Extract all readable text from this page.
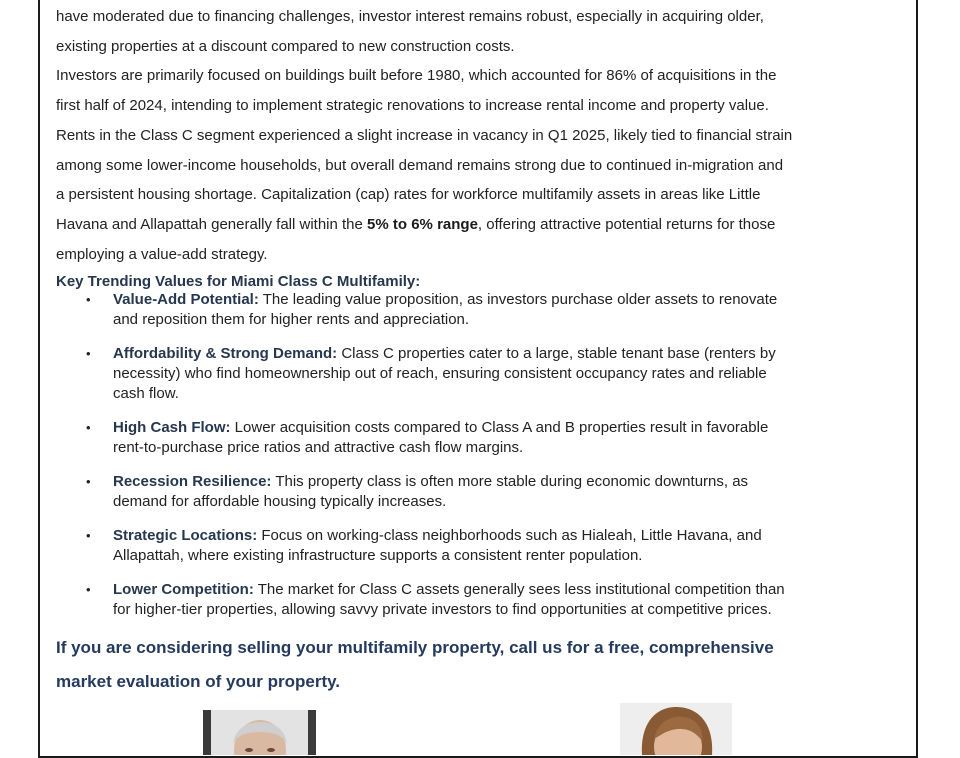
have moderated due to financing challenges, investor interest remains robust, especially in acquiring older,
existing properties at a discount compared to new construction costs.

Investors are primarily focused on buildings built before 1980, which accounted for 86% of acquisitions in the
first half of 2024, intending to implement strategic renovations to increase rental income and property value.

Rents in the Class C segment experienced a slight increase in vacancy in Q1 2025, likely tied to financial strain
among some lower-income households, but overall demand remains strong due to continued in-migration and
a persistent housing shortage. Capitalization (cap) rates for workforce multifamily assets in areas like Little
Havana and Allapattah generally fall within the 5% to 6% range, offering attractive potential returns for those
employing a value-add strategy.

Key Trending Values for Miami Class C Multifamily:
• Value-Add Potential: The leading value proposition, as investors purchase older assets to renovate
and reposition them for higher rents and appreciation.
• Affordability & Strong Demand: Class C properties cater to a large, stable tenant base (renters by
necessity) who find homeownership out of reach, ensuring consistent occupancy rates and reliable
cash flow.
• High Cash Flow: Lower acquisition costs compared to Class A and B properties result in favorable
rent-to-purchase price ratios and attractive cash flow margins.
• Recession Resilience: This property class is often more stable during economic downturns, as
demand for affordable housing typically increases.
• Strategic Locations: Focus on working-class neighborhoods such as Hialeah, Little Havana, and
Allapattah, where existing infrastructure supports a consistent renter population.
• Lower Competition: The market for Class C assets generally sees less institutional competition than
for higher-tier properties, allowing savvy private investors to find opportunities at competitive prices.
If you are considering selling your multifamily property, call us for a free, comprehensive
market evaluation of your property.
